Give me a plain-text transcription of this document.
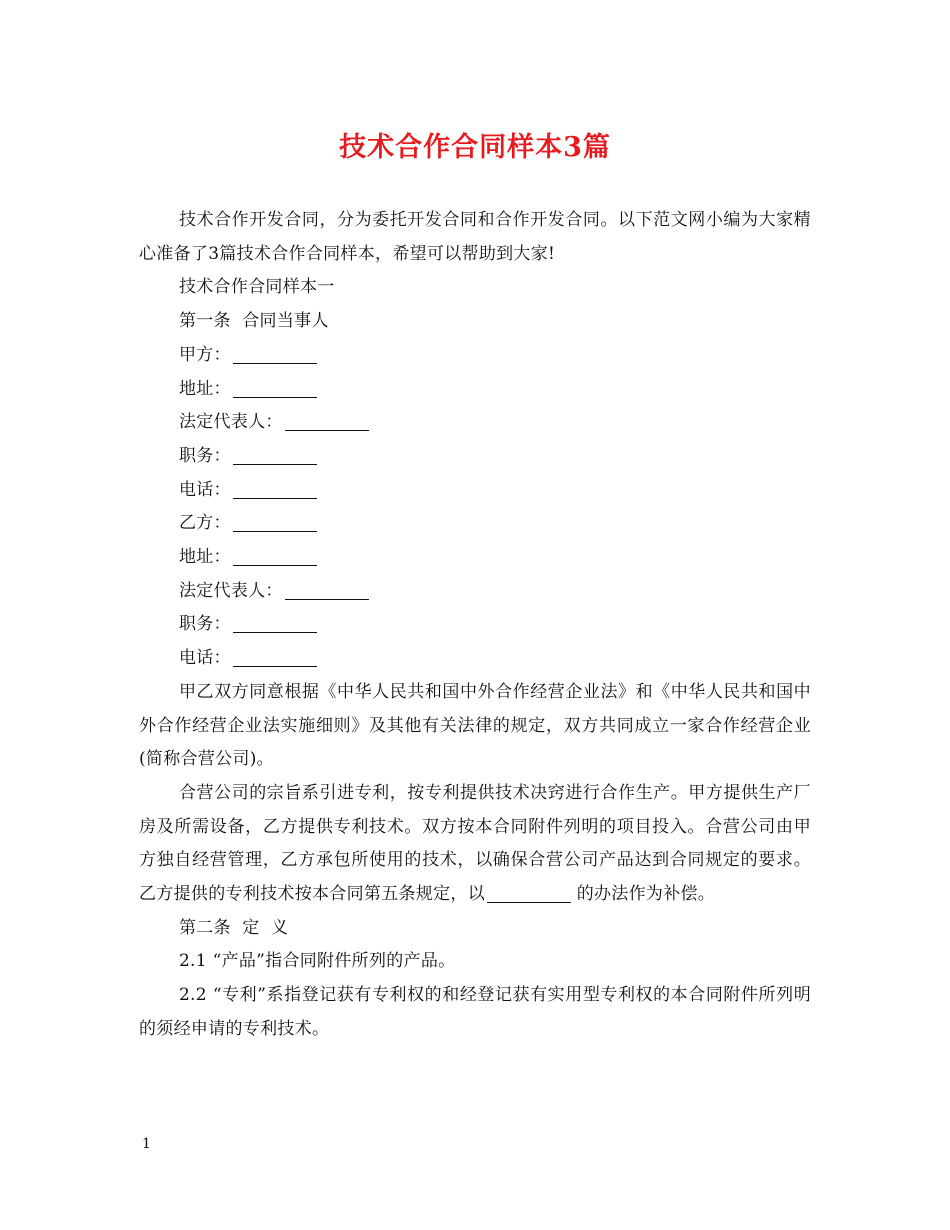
技术合作合同样本3篇

技术合作开发合同，分为委托开发合同和合作开发合同。以下范文网小编为大家精心准备了3篇技术合作合同样本，希望可以帮助到大家!

技术合作合同样本一

第一条  合同当事人

甲方：

地址：

法定代表人：

职务：

电话：

乙方：

地址：

法定代表人：

职务：

电话：

甲乙双方同意根据《中华人民共和国中外合作经营企业法》和《中华人民共和国中外合作经营企业法实施细则》及其他有关法律的规定，双方共同成立一家合作经营企业 (简称合营公司)。

合营公司的宗旨系引进专利，按专利提供技术决窍进行合作生产。甲方提供生产厂房及所需设备，乙方提供专利技术。双方按本合同附件列明的项目投入。合营公司由甲方独自经营管理，乙方承包所使用的技术，以确保合营公司产品达到合同规定的要求。乙方提供的专利技术按本合同第五条规定，以	的办法作为补偿。

第二条  定  义

2.1 “产品”指合同附件所列的产品。

2.2 “专利”系指登记获有专利权的和经登记获有实用型专利权的本合同附件所列明的须经申请的专利技术。

1
